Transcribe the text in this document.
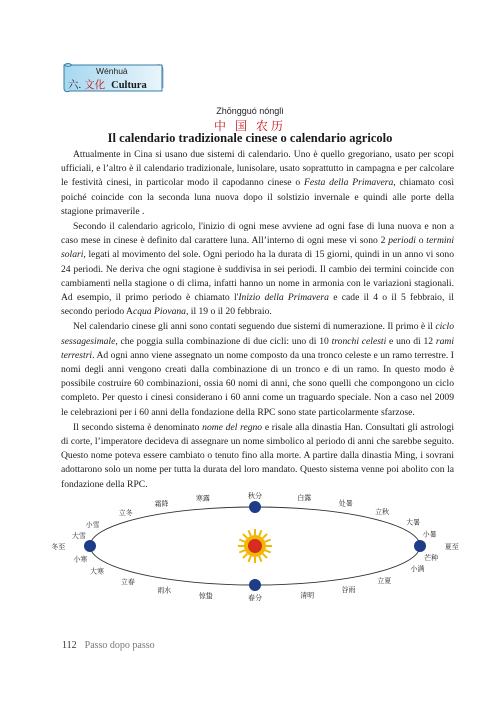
Wénhuà
六. 文化 Cultura
Zhōngguó nónglì
中 国 农历
Il calendario tradizionale cinese o calendario agricolo

Attualmente in Cina si usano due sistemi di calendario. Uno è quello gregoriano, usato per scopi ufficiali, e l’altro è il calendario tradizionale, lunisolare, usato soprattutto in campagna e per calcolare le festività cinesi, in particolar modo il capodanno cinese o Festa della Primavera, chiamato così poiché coincide con la seconda luna nuova dopo il solstizio invernale e quindi alle porte della stagione primaverile .

Secondo il calendario agricolo, l'inizio di ogni mese avviene ad ogni fase di luna nuova e non a caso mese in cinese è definito dal carattere luna. All’interno di ogni mese vi sono 2 periodi o termini solari, legati al movimento del sole. Ogni periodo ha la durata di 15 giorni, quindi in un anno vi sono 24 periodi. Ne deriva che ogni stagione è suddivisa in sei periodi. Il cambio dei termini coincide con cambiamenti nella stagione o di clima, infatti hanno un nome in armonia con le variazioni stagionali. Ad esempio, il primo periodo è chiamato l'Inizio della Primavera e cade il 4 o il 5 febbraio, il secondo periodo Acqua Piovana, il 19 o il 20 febbraio.

Nel calendario cinese gli anni sono contati seguendo due sistemi di numerazione. Il primo è il ciclo sessagesimale, che poggia sulla combinazione di due cicli: uno di 10 tronchi celesti e uno di 12 rami terrestri. Ad ogni anno viene assegnato un nome composto da una tronco celeste e un ramo terrestre. I nomi degli anni vengono creati dalla combinazione di un tronco e di un ramo. In questo modo è possibile costruire 60 combinazioni, ossia 60 nomi di anni, che sono quelli che compongono un ciclo completo. Per questo i cinesi considerano i 60 anni come un traguardo speciale. Non a caso nel 2009 le celebrazioni per i 60 anni della fondazione della RPC sono state particolarmente sfarzose.

Il secondo sistema è denominato nome del regno e risale alla dinastia Han. Consultati gli astrologi di corte, l’imperatore decideva di assegnare un nome simbolico al periodo di anni che sarebbe seguito. Questo nome poteva essere cambiato o tenuto fino alla morte. A partire dalla dinastia Ming, i sovrani adottarono solo un nome per tutta la durata del loro mandato. Questo sistema venne poi abolito con la fondazione della RPC.

秋分
寒露
霜降
立冬
小雪
大雪
冬至
小寒
大寒
立春
雨水
惊蛰	春分	清明
谷雨
立夏
小满
芒种
夏至
小暑
大暑
立秋
处暑
白露
112 Passo dopo passo
